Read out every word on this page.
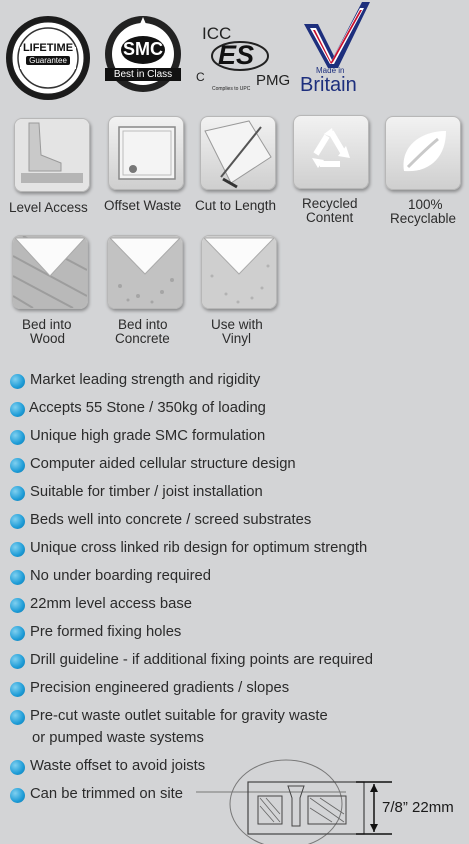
LIFETIME
Guarantee
SMC
Best in Class
ICC
ES
C	PMG
Complies to UPC
Made in
Britain
Level Access Offset Waste Cut to Length Recycled
Content
100%
Recyclable
Bed into
Wood
Bed into
Concrete
Use with
Vinyl
Market leading strength and rigidity
Accepts 55 Stone / 350kg of loading
Unique high grade SMC formulation
Computer aided cellular structure design
Suitable for timber / joist installation
Beds well into concrete / screed substrates
Unique cross linked rib design for optimum strength
No under boarding required
22mm level access base
Pre formed fixing holes
Drill guideline - if additional fixing points are required
Precision engineered gradients / slopes
Pre-cut waste outlet suitable for gravity waste
or pumped waste systems
Waste offset to avoid joists
Can be trimmed on site
7/8” 22mm
